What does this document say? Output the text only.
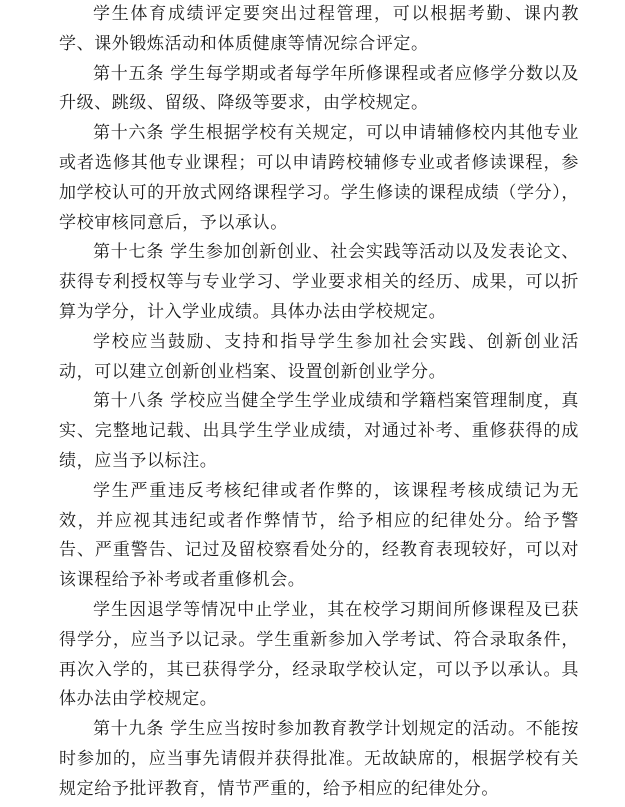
学生体育成绩评定要突出过程管理，可以根据考勤、课内教学、课外锻炼活动和体质健康等情况综合评定。

第十五条 学生每学期或者每学年所修课程或者应修学分数以及升级、跳级、留级、降级等要求，由学校规定。

第十六条 学生根据学校有关规定，可以申请辅修校内其他专业或者选修其他专业课程；可以申请跨校辅修专业或者修读课程，参加学校认可的开放式网络课程学习。学生修读的课程成绩（学分），学校审核同意后，予以承认。

第十七条 学生参加创新创业、社会实践等活动以及发表论文、获得专利授权等与专业学习、学业要求相关的经历、成果，可以折算为学分，计入学业成绩。具体办法由学校规定。

学校应当鼓励、支持和指导学生参加社会实践、创新创业活动，可以建立创新创业档案、设置创新创业学分。

第十八条 学校应当健全学生学业成绩和学籍档案管理制度，真实、完整地记载、出具学生学业成绩，对通过补考、重修获得的成绩，应当予以标注。

学生严重违反考核纪律或者作弊的，该课程考核成绩记为无效，并应视其违纪或者作弊情节，给予相应的纪律处分。给予警告、严重警告、记过及留校察看处分的，经教育表现较好，可以对该课程给予补考或者重修机会。

学生因退学等情况中止学业，其在校学习期间所修课程及已获得学分，应当予以记录。学生重新参加入学考试、符合录取条件，再次入学的，其已获得学分，经录取学校认定，可以予以承认。具体办法由学校规定。

第十九条 学生应当按时参加教育教学计划规定的活动。不能按时参加的，应当事先请假并获得批准。无故缺席的，根据学校有关规定给予批评教育，情节严重的，给予相应的纪律处分。
